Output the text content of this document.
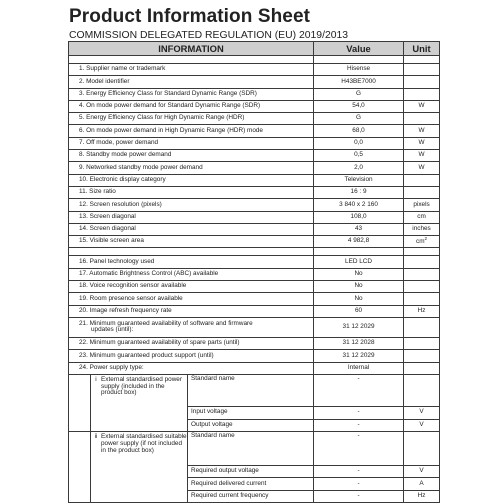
Product Information Sheet

COMMISSION DELEGATED REGULATION (EU) 2019/2013

INFORMATION			Value	Unit

1. Supplier name or trademark			Hisense	
2. Model identifier			H43BE7000	
3. Energy Efficiency Class for Standard Dynamic Range (SDR)			G	
4. On mode power demand for Standard Dynamic Range (SDR)			54,0	W
5. Energy Efficiency Class for High Dynamic Range (HDR)			G	
6. On mode power demand in High Dynamic Range (HDR) mode			68,0	W
7. Off mode, power demand			0,0	W
8. Standby mode power demand			0,5	W
9. Networked standby mode power demand			2,0	W
10. Electronic display category			Television	
11. Size ratio			16 : 9	
12. Screen resolution (pixels)			3 840 x 2 160	pixels
13. Screen diagonal			108,0	cm
14. Screen diagonal			43	inches
15. Visible screen area			4 982,8	$cm^2$

16. Panel technology used			LED LCD	
17. Automatic Brightness Control (ABC) available			No	
18. Voice recognition sensor available			No	
19. Room presence sensor available			No	
20. Image refresh frequency rate			60	Hz

21. Minimum guaranteed availability of software and firmware
updates (until):			31 12 2029	
22. Minimum guaranteed availability of spare parts (until)			31 12 2028	
23. Minimum guaranteed product support (until)			31 12 2029	
24. Power supply type:			Internal	

	i External standardised power supply (included in the product box)	Standard name	-	
		Input voltage	-	V
		Output voltage	-	V

	ii External standardised suitable power supply (if not included in the product box)	Standard name	-	
		Required output voltage	-	V
		Required delivered current	-	A
		Required current frequency	-	Hz
